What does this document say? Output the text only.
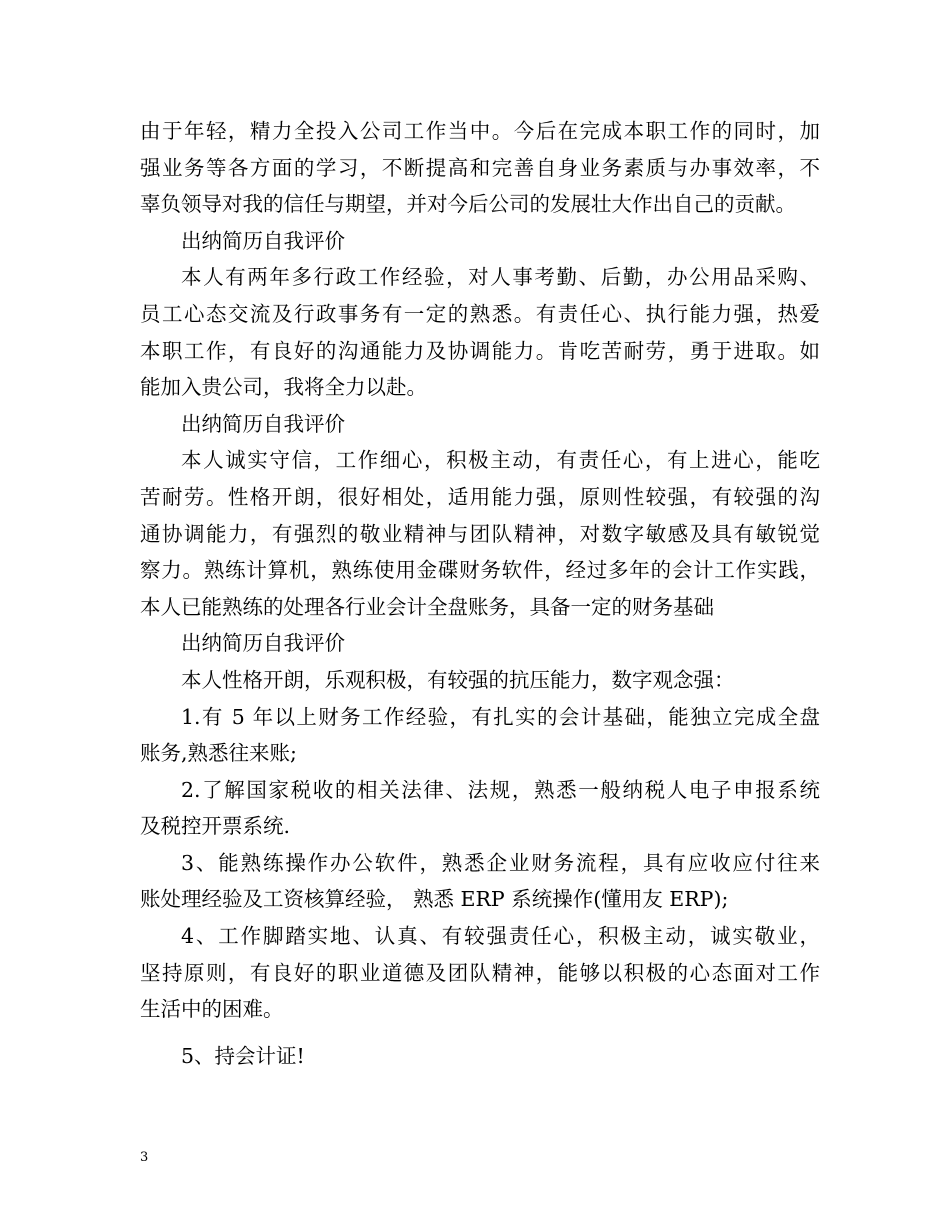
由于年轻，精力全投入公司工作当中。今后在完成本职工作的同时，加
强业务等各方面的学习，不断提高和完善自身业务素质与办事效率，不
辜负领导对我的信任与期望，并对今后公司的发展壮大作出自己的贡献。
出纳简历自我评价
本人有两年多行政工作经验，对人事考勤、后勤，办公用品采购、
员工心态交流及行政事务有一定的熟悉。有责任心、执行能力强，热爱
本职工作，有良好的沟通能力及协调能力。肯吃苦耐劳，勇于进取。如
能加入贵公司，我将全力以赴。
出纳简历自我评价
本人诚实守信，工作细心，积极主动，有责任心，有上进心，能吃
苦耐劳。性格开朗，很好相处，适用能力强，原则性较强，有较强的沟
通协调能力，有强烈的敬业精神与团队精神，对数字敏感及具有敏锐觉
察力。熟练计算机，熟练使用金碟财务软件，经过多年的会计工作实践，
本人已能熟练的处理各行业会计全盘账务，具备一定的财务基础
出纳简历自我评价
本人性格开朗，乐观积极，有较强的抗压能力，数字观念强：
1.有 5 年以上财务工作经验，有扎实的会计基础，能独立完成全盘
账务,熟悉往来账;
2.了解国家税收的相关法律、法规，熟悉一般纳税人电子申报系统
及税控开票系统.
3、能熟练操作办公软件，熟悉企业财务流程，具有应收应付往来
账处理经验及工资核算经验， 熟悉 ERP 系统操作(懂用友 ERP);
4、工作脚踏实地、认真、有较强责任心，积极主动，诚实敬业，
坚持原则，有良好的职业道德及团队精神，能够以积极的心态面对工作
生活中的困难。
5、持会计证!
3
